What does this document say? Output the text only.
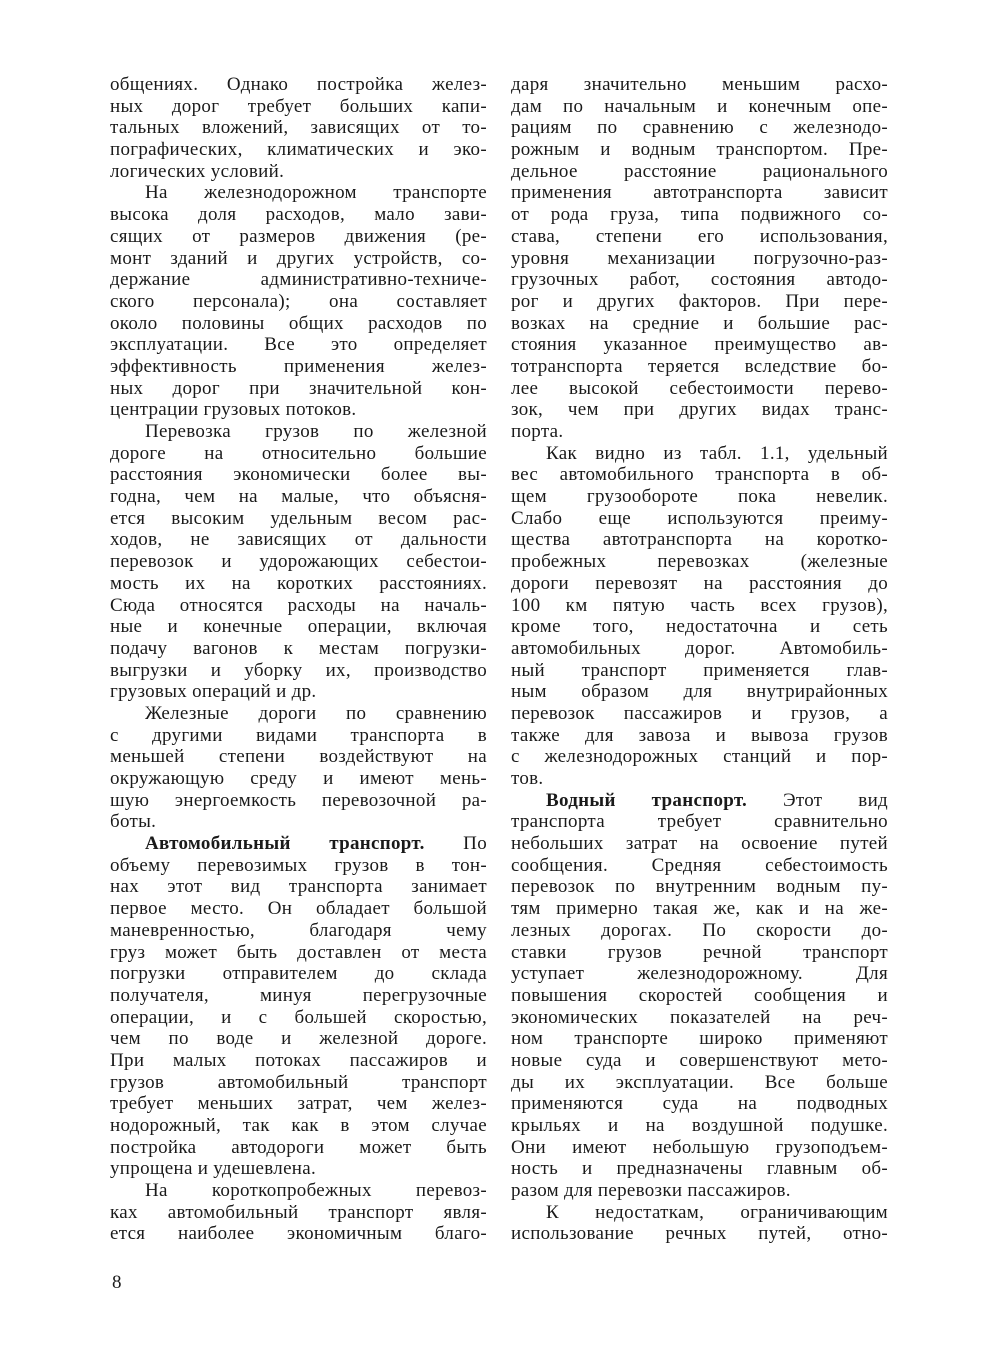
общениях. Однако постройка желез-
ных дорог требует больших капи-
тальных вложений, зависящих от то-
пографических, климатических и эко-
логических условий.
На железнодорожном транспорте
высока доля расходов, мало зави-
сящих от размеров движения (ре-
монт зданий и других устройств, со-
держание административно-техниче-
ского персонала); она составляет
около половины общих расходов по
эксплуатации. Все это определяет
эффективность применения желез-
ных дорог при значительной кон-
центрации грузовых потоков.
Перевозка грузов по железной
дороге на относительно большие
расстояния экономически более вы-
годна, чем на малые, что объясня-
ется высоким удельным весом рас-
ходов, не зависящих от дальности
перевозок и удорожающих себестои-
мость их на коротких расстояниях.
Сюда относятся расходы на началь-
ные и конечные операции, включая
подачу вагонов к местам погрузки-
выгрузки и уборку их, производство
грузовых операций и др.
Железные дороги по сравнению
с другими видами транспорта в
меньшей степени воздействуют на
окружающую среду и имеют мень-
шую энергоемкость перевозочной ра-
боты.
Автомобильный транспорт. По
объему перевозимых грузов в тон-
нах этот вид транспорта занимает
первое место. Он обладает большой
маневренностью, благодаря чему
груз может быть доставлен от места
погрузки отправителем до склада
получателя, минуя перегрузочные
операции, и с большей скоростью,
чем по воде и железной дороге.
При малых потоках пассажиров и
грузов автомобильный транспорт
требует меньших затрат, чем желез-
нодорожный, так как в этом случае
постройка автодороги может быть
упрощена и удешевлена.
На короткопробежных перевоз-
ках автомобильный транспорт явля-
ется наиболее экономичным благо-
даря значительно меньшим расхо-
дам по начальным и конечным опе-
рациям по сравнению с железнодо-
рожным и водным транспортом. Пре-
дельное расстояние рационального
применения автотранспорта зависит
от рода груза, типа подвижного со-
става, степени его использования,
уровня механизации погрузочно-раз-
грузочных работ, состояния автодо-
рог и других факторов. При пере-
возках на средние и большие рас-
стояния указанное преимущество ав-
тотранспорта теряется вследствие бо-
лее высокой себестоимости перево-
зок, чем при других видах транс-
порта.
Как видно из табл. 1.1, удельный
вес автомобильного транспорта в об-
щем грузообороте пока невелик.
Слабо еще используются преиму-
щества автотранспорта на коротко-
пробежных перевозках (железные
дороги перевозят на расстояния до
100 км пятую часть всех грузов),
кроме того, недостаточна и сеть
автомобильных дорог. Автомобиль-
ный транспорт применяется глав-
ным образом для внутрирайонных
перевозок пассажиров и грузов, а
также для завоза и вывоза грузов
с железнодорожных станций и пор-
тов.
Водный транспорт. Этот вид
транспорта требует сравнительно
небольших затрат на освоение путей
сообщения. Средняя себестоимость
перевозок по внутренним водным пу-
тям примерно такая же, как и на же-
лезных дорогах. По скорости до-
ставки грузов речной транспорт
уступает железнодорожному. Для
повышения скоростей сообщения и
экономических показателей на реч-
ном транспорте широко применяют
новые суда и совершенствуют мето-
ды их эксплуатации. Все больше
применяются суда на подводных
крыльях и на воздушной подушке.
Они имеют небольшую грузоподъем-
ность и предназначены главным об-
разом для перевозки пассажиров.
К недостаткам, ограничивающим
использование речных путей, отно-
8
